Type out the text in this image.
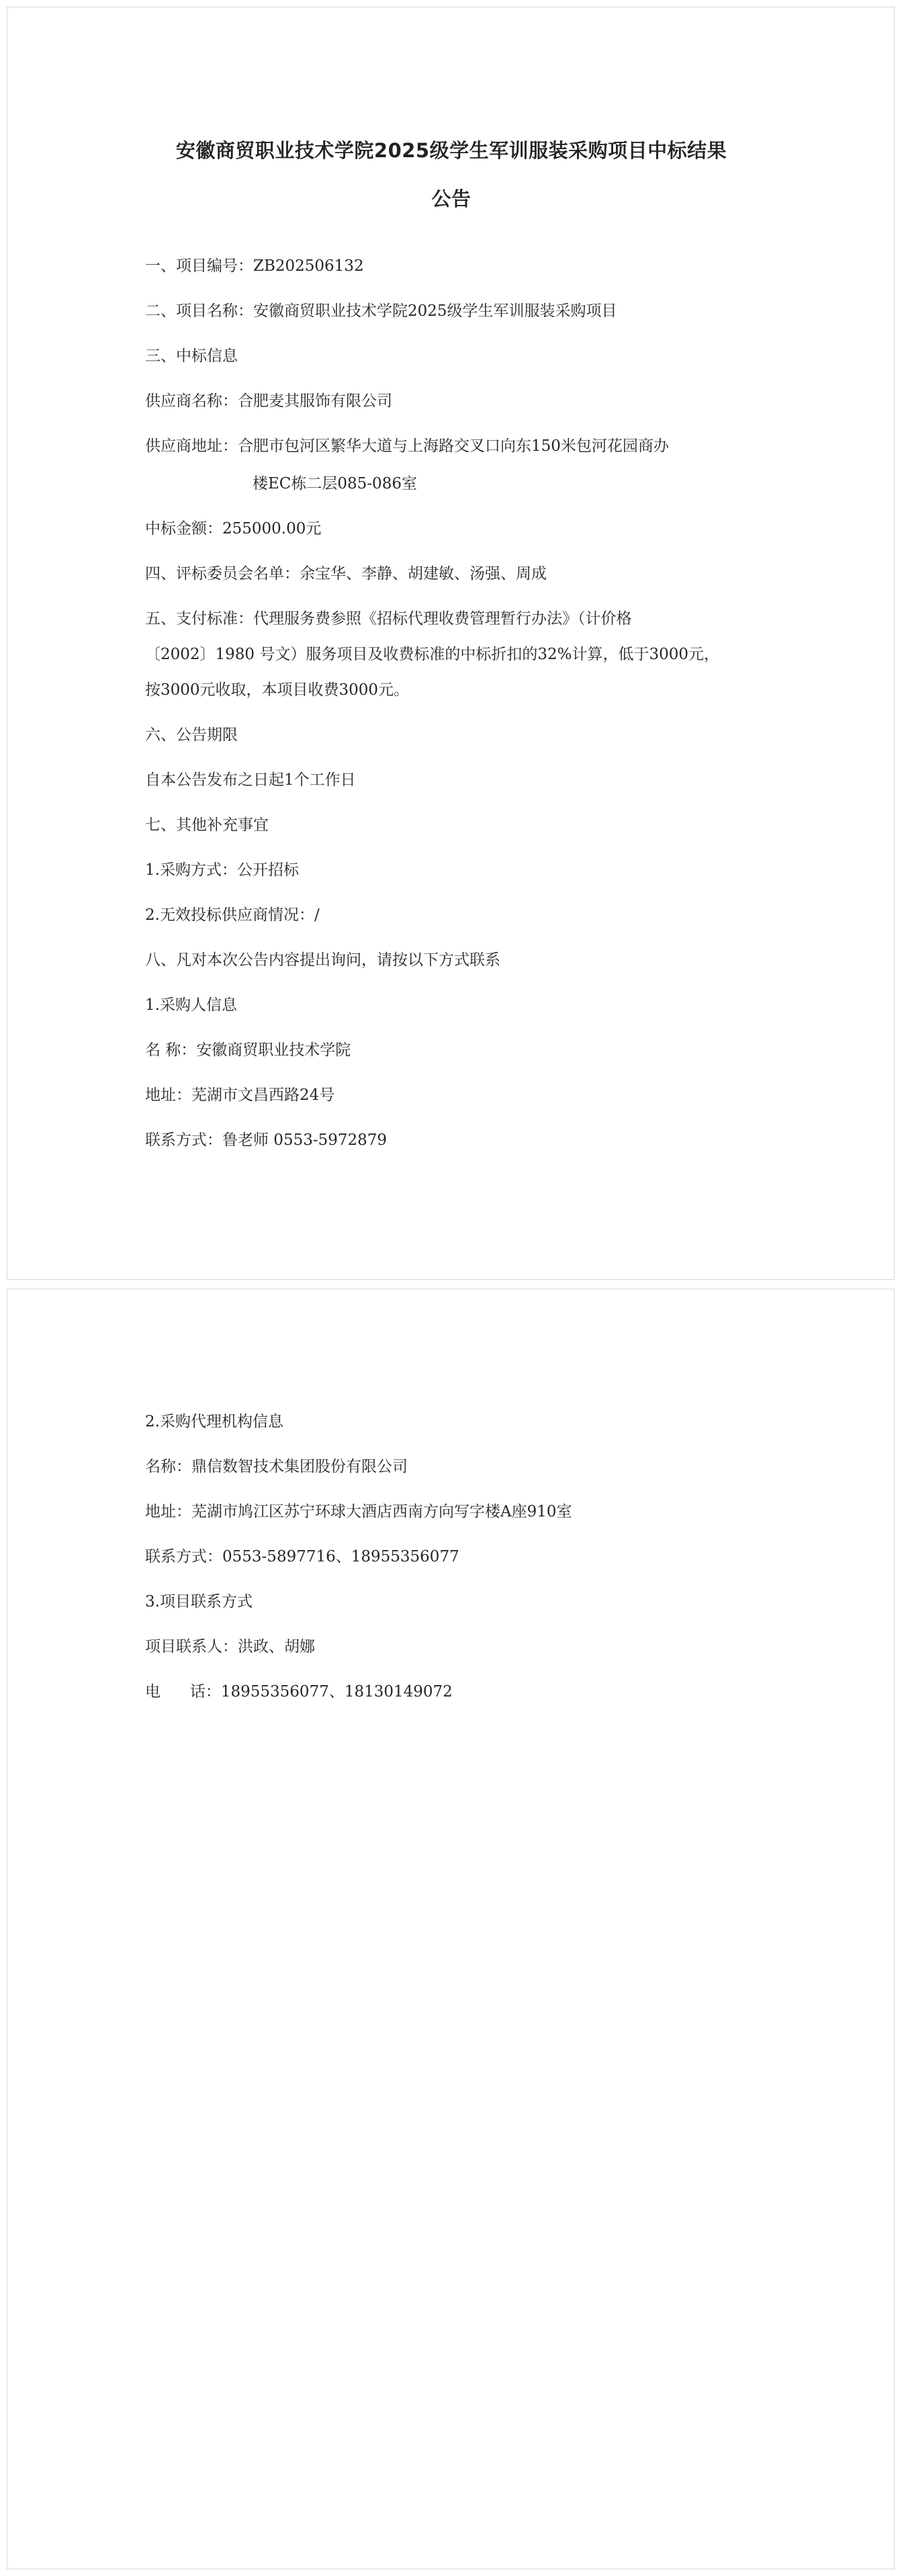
安徽商贸职业技术学院2025级学生军训服装采购项目中标结果
公告
一、项目编号：ZB202506132
二、项目名称：安徽商贸职业技术学院2025级学生军训服装采购项目
三、中标信息
供应商名称：合肥麦其服饰有限公司
供应商地址：合肥市包河区繁华大道与上海路交叉口向东150米包河花园商办
楼EC栋二层085-086室
中标金额：255000.00元
四、评标委员会名单：余宝华、李静、胡建敏、汤强、周成
五、支付标准：代理服务费参照《招标代理收费管理暂行办法》（计价格
〔2002〕1980 号文）服务项目及收费标准的中标折扣的32%计算，低于3000元，
按3000元收取，本项目收费3000元。
六、公告期限
自本公告发布之日起1个工作日
七、其他补充事宜
1.采购方式：公开招标
2.无效投标供应商情况：/
八、凡对本次公告内容提出询问，请按以下方式联系
1.采购人信息
名 称：安徽商贸职业技术学院
地址：芜湖市文昌西路24号
联系方式：鲁老师 0553-5972879
2.采购代理机构信息
名称：鼎信数智技术集团股份有限公司
地址：芜湖市鸠江区苏宁环球大酒店西南方向写字楼A座910室
联系方式：0553-5897716、18955356077
3.项目联系方式
项目联系人：洪政、胡娜
电      话：18955356077、18130149072
